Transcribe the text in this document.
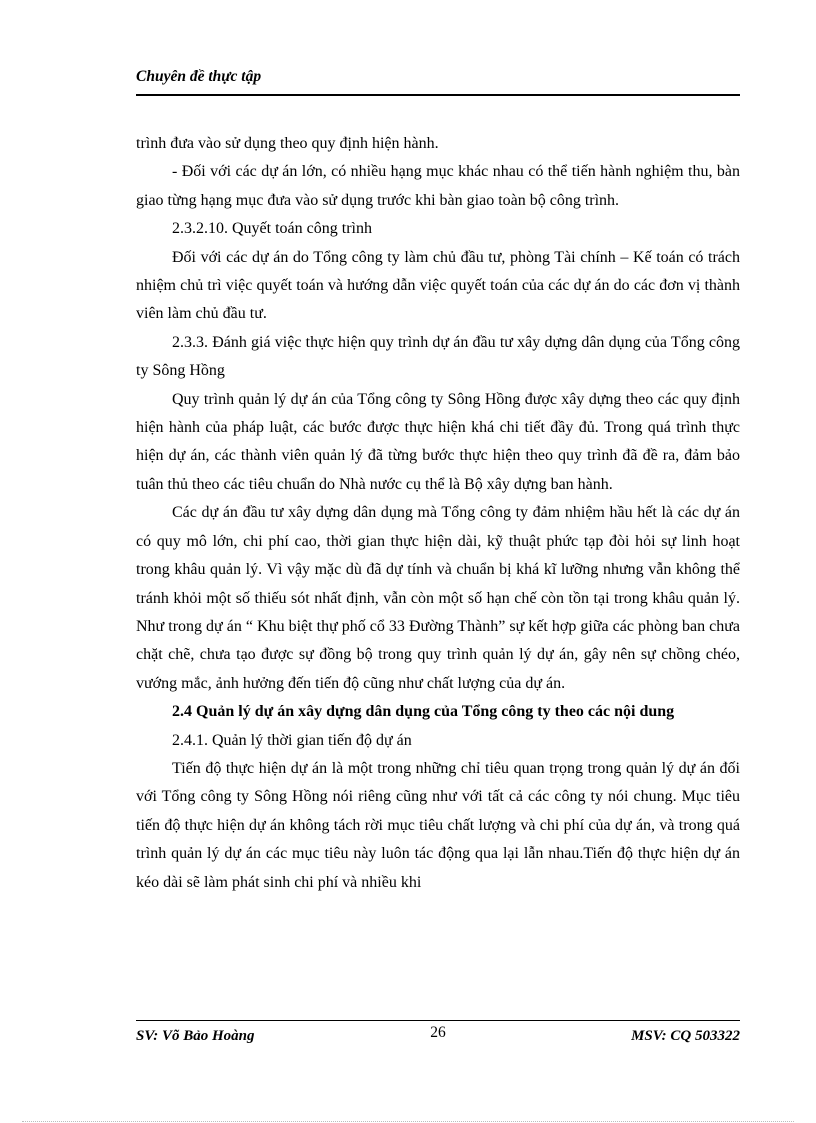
Chuyên đề thực tập

trình đưa vào sử dụng theo quy định hiện hành.

- Đối với các dự án lớn, có nhiều hạng mục khác nhau có thể tiến hành nghiệm thu, bàn giao từng hạng mục đưa vào sử dụng trước khi bàn giao toàn bộ công trình.

2.3.2.10. Quyết toán công trình

Đối với các dự án do Tổng công ty làm chủ đầu tư, phòng Tài chính – Kế toán có trách nhiệm chủ trì việc quyết toán và hướng dẫn việc quyết toán của các dự án do các đơn vị thành viên làm chủ đầu tư.

2.3.3. Đánh giá việc thực hiện quy trình dự án đầu tư xây dựng dân dụng của Tổng công ty Sông Hồng

Quy trình quản lý dự án của Tổng công ty Sông Hồng được xây dựng theo các quy định hiện hành của pháp luật, các bước được thực hiện khá chi tiết đầy đủ. Trong quá trình thực hiện dự án, các thành viên quản lý đã từng bước thực hiện theo quy trình đã đề ra, đảm bảo tuân thủ theo các tiêu chuẩn do Nhà nước cụ thể là Bộ xây dựng ban hành.

Các dự án đầu tư xây dựng dân dụng mà Tổng công ty đảm nhiệm hầu hết là các dự án có quy mô lớn, chi phí cao, thời gian thực hiện dài, kỹ thuật phức tạp đòi hỏi sự linh hoạt trong khâu quản lý. Vì vậy mặc dù đã dự tính và chuẩn bị khá kĩ lưỡng nhưng vẫn không thể tránh khỏi một số thiếu sót nhất định, vẫn còn một số hạn chế còn tồn tại trong khâu quản lý. Như trong dự án “ Khu biệt thự phố cổ 33 Đường Thành” sự kết hợp giữa các phòng ban chưa chặt chẽ, chưa tạo được sự đồng bộ trong quy trình quản lý dự án, gây nên sự chồng chéo, vướng mắc, ảnh hưởng đến tiến độ cũng như chất lượng của dự án.

2.4 Quản lý dự án xây dựng dân dụng của Tổng công ty theo các nội dung

2.4.1. Quản lý thời gian tiến độ dự án

Tiến độ thực hiện dự án là một trong những chỉ tiêu quan trọng trong quản lý dự án đối với Tổng công ty Sông Hồng nói riêng cũng như với tất cả các công ty nói chung. Mục tiêu tiến độ thực hiện dự án không tách rời mục tiêu chất lượng và chi phí của dự án, và trong quá trình quản lý dự án các mục tiêu này luôn tác động qua lại lẫn nhau.Tiến độ thực hiện dự án kéo dài sẽ làm phát sinh chi phí và nhiều khi

SV: Võ Bảo Hoàng	26	MSV: CQ 503322
